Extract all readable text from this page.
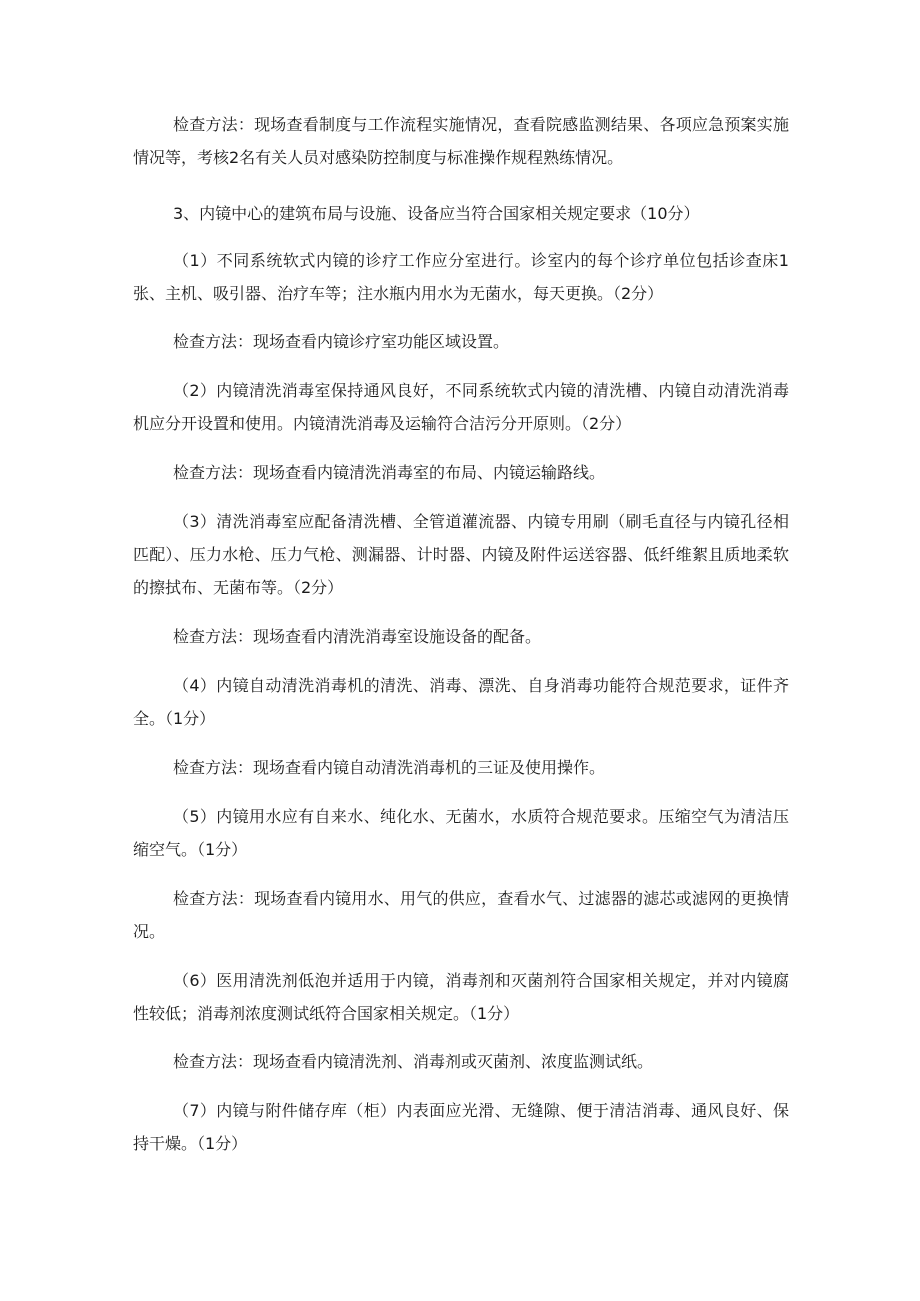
检查方法：现场查看制度与工作流程实施情况，查看院感监测结果、各项应急预案实施情况等，考核2名有关人员对感染防控制度与标准操作规程熟练情况。

3、内镜中心的建筑布局与设施、设备应当符合国家相关规定要求（10分）

（1）不同系统软式内镜的诊疗工作应分室进行。诊室内的每个诊疗单位包括诊查床1张、主机、吸引器、治疗车等；注水瓶内用水为无菌水，每天更换。（2分）

检查方法：现场查看内镜诊疗室功能区域设置。

（2）内镜清洗消毒室保持通风良好，不同系统软式内镜的清洗槽、内镜自动清洗消毒机应分开设置和使用。内镜清洗消毒及运输符合洁污分开原则。（2分）

检查方法：现场查看内镜清洗消毒室的布局、内镜运输路线。

（3）清洗消毒室应配备清洗槽、全管道灌流器、内镜专用刷（刷毛直径与内镜孔径相匹配）、压力水枪、压力气枪、测漏器、计时器、内镜及附件运送容器、低纤维絮且质地柔软的擦拭布、无菌布等。（2分）

检查方法：现场查看内清洗消毒室设施设备的配备。

（4）内镜自动清洗消毒机的清洗、消毒、漂洗、自身消毒功能符合规范要求，证件齐全。（1分）

检查方法：现场查看内镜自动清洗消毒机的三证及使用操作。

（5）内镜用水应有自来水、纯化水、无菌水，水质符合规范要求。压缩空气为清洁压缩空气。（1分）

检查方法：现场查看内镜用水、用气的供应，查看水气、过滤器的滤芯或滤网的更换情况。

（6）医用清洗剂低泡并适用于内镜，消毒剂和灭菌剂符合国家相关规定，并对内镜腐性较低；消毒剂浓度测试纸符合国家相关规定。（1分）

检查方法：现场查看内镜清洗剂、消毒剂或灭菌剂、浓度监测试纸。

（7）内镜与附件储存库（柜）内表面应光滑、无缝隙、便于清洁消毒、通风良好、保持干燥。（1分）
